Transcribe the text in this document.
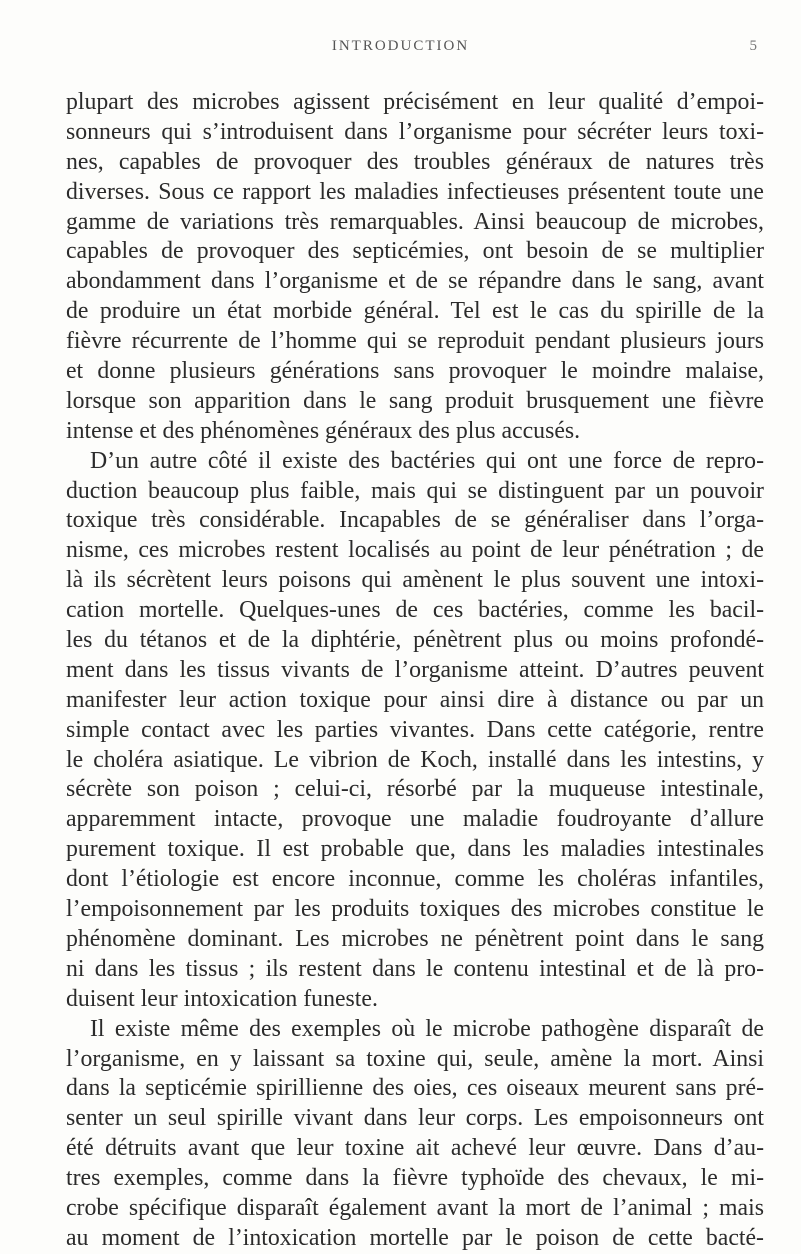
INTRODUCTION	5
plupart des microbes agissent précisément en leur qualité d’empoi-
sonneurs qui s’introduisent dans l’organisme pour sécréter leurs toxi-
nes, capables de provoquer des troubles généraux de natures très
diverses. Sous ce rapport les maladies infectieuses présentent toute une
gamme de variations très remarquables. Ainsi beaucoup de microbes,
capables de provoquer des septicémies, ont besoin de se multiplier
abondamment dans l’organisme et de se répandre dans le sang, avant
de produire un état morbide général. Tel est le cas du spirille de la
fièvre récurrente de l’homme qui se reproduit pendant plusieurs jours
et donne plusieurs générations sans provoquer le moindre malaise,
lorsque son apparition dans le sang produit brusquement une fièvre
intense et des phénomènes généraux des plus accusés.
D’un autre côté il existe des bactéries qui ont une force de repro-
duction beaucoup plus faible, mais qui se distinguent par un pouvoir
toxique très considérable. Incapables de se généraliser dans l’orga-
nisme, ces microbes restent localisés au point de leur pénétration ; de
là ils sécrètent leurs poisons qui amènent le plus souvent une intoxi-
cation mortelle. Quelques-unes de ces bactéries, comme les bacil-
les du tétanos et de la diphtérie, pénètrent plus ou moins profondé-
ment dans les tissus vivants de l’organisme atteint. D’autres peuvent
manifester leur action toxique pour ainsi dire à distance ou par un
simple contact avec les parties vivantes. Dans cette catégorie, rentre
le choléra asiatique. Le vibrion de Koch, installé dans les intestins, y
sécrète son poison ; celui-ci, résorbé par la muqueuse intestinale,
apparemment intacte, provoque une maladie foudroyante d’allure
purement toxique. Il est probable que, dans les maladies intestinales
dont l’étiologie est encore inconnue, comme les choléras infantiles,
l’empoisonnement par les produits toxiques des microbes constitue le
phénomène dominant. Les microbes ne pénètrent point dans le sang
ni dans les tissus ; ils restent dans le contenu intestinal et de là pro-
duisent leur intoxication funeste.
Il existe même des exemples où le microbe pathogène disparaît de
l’organisme, en y laissant sa toxine qui, seule, amène la mort. Ainsi
dans la septicémie spirillienne des oies, ces oiseaux meurent sans pré-
senter un seul spirille vivant dans leur corps. Les empoisonneurs ont
été détruits avant que leur toxine ait achevé leur œuvre. Dans d’au-
tres exemples, comme dans la fièvre typhoïde des chevaux, le mi-
crobe spécifique disparaît également avant la mort de l’animal ; mais
au moment de l’intoxication mortelle par le poison de cette bacté-
